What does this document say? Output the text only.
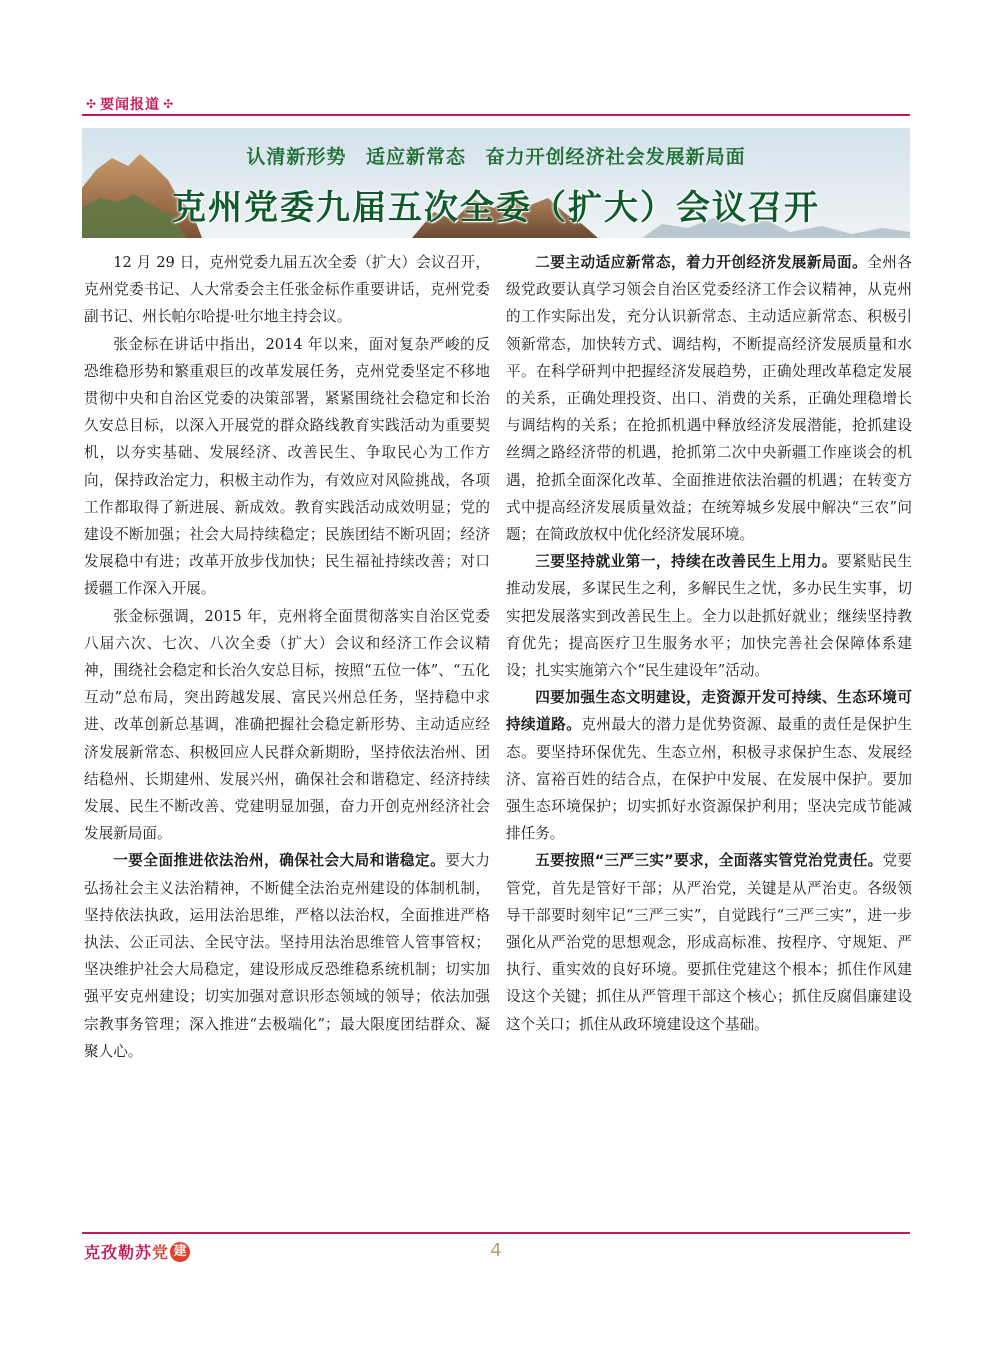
✣ 要闻报道 ✣
认清新形势 适应新常态 奋力开创经济社会发展新局面
克州党委九届五次全委（扩大）会议召开

12 月 29 日，克州党委九届五次全委（扩大）会议召开，克州党委书记、人大常委会主任张金标作重要讲话，克州党委副书记、州长帕尔哈提·吐尔地主持会议。

张金标在讲话中指出，2014 年以来，面对复杂严峻的反恐维稳形势和繁重艰巨的改革发展任务，克州党委坚定不移地贯彻中央和自治区党委的决策部署，紧紧围绕社会稳定和长治久安总目标，以深入开展党的群众路线教育实践活动为重要契机，以夯实基础、发展经济、改善民生、争取民心为工作方向，保持政治定力，积极主动作为，有效应对风险挑战，各项工作都取得了新进展、新成效。教育实践活动成效明显；党的建设不断加强；社会大局持续稳定；民族团结不断巩固；经济发展稳中有进；改革开放步伐加快；民生福祉持续改善；对口援疆工作深入开展。

张金标强调，2015 年，克州将全面贯彻落实自治区党委八届六次、七次、八次全委（扩大）会议和经济工作会议精神，围绕社会稳定和长治久安总目标，按照“五位一体”、“五化互动”总布局，突出跨越发展、富民兴州总任务，坚持稳中求进、改革创新总基调，准确把握社会稳定新形势、主动适应经济发展新常态、积极回应人民群众新期盼，坚持依法治州、团结稳州、长期建州、发展兴州，确保社会和谐稳定、经济持续发展、民生不断改善、党建明显加强，奋力开创克州经济社会发展新局面。

一要全面推进依法治州，确保社会大局和谐稳定。要大力弘扬社会主义法治精神，不断健全法治克州建设的体制机制，坚持依法执政，运用法治思维，严格以法治权，全面推进严格执法、公正司法、全民守法。坚持用法治思维管人管事管权；坚决维护社会大局稳定，建设形成反恐维稳系统机制；切实加强平安克州建设；切实加强对意识形态领域的领导；依法加强宗教事务管理；深入推进“去极端化”；最大限度团结群众、凝聚人心。

二要主动适应新常态，着力开创经济发展新局面。全州各级党政要认真学习领会自治区党委经济工作会议精神，从克州的工作实际出发，充分认识新常态、主动适应新常态、积极引领新常态，加快转方式、调结构，不断提高经济发展质量和水平。在科学研判中把握经济发展趋势，正确处理改革稳定发展的关系，正确处理投资、出口、消费的关系，正确处理稳增长与调结构的关系；在抢抓机遇中释放经济发展潜能，抢抓建设丝绸之路经济带的机遇，抢抓第二次中央新疆工作座谈会的机遇，抢抓全面深化改革、全面推进依法治疆的机遇；在转变方式中提高经济发展质量效益；在统筹城乡发展中解决“三农”问题；在简政放权中优化经济发展环境。

三要坚持就业第一，持续在改善民生上用力。要紧贴民生推动发展，多谋民生之利，多解民生之忧，多办民生实事，切实把发展落实到改善民生上。全力以赴抓好就业；继续坚持教育优先；提高医疗卫生服务水平；加快完善社会保障体系建设；扎实实施第六个“民生建设年”活动。

四要加强生态文明建设，走资源开发可持续、生态环境可持续道路。克州最大的潜力是优势资源、最重的责任是保护生态。要坚持环保优先、生态立州，积极寻求保护生态、发展经济、富裕百姓的结合点，在保护中发展、在发展中保护。要加强生态环境保护；切实抓好水资源保护利用；坚决完成节能减排任务。

五要按照“三严三实”要求，全面落实管党治党责任。党要管党，首先是管好干部；从严治党，关键是从严治吏。各级领导干部要时刻牢记“三严三实”，自觉践行“三严三实”，进一步强化从严治党的思想观念，形成高标准、按程序、守规矩、严执行、重实效的良好环境。要抓住党建这个根本；抓住作风建设这个关键；抓住从严管理干部这个核心；抓住反腐倡廉建设这个关口；抓住从政环境建设这个基础。

克孜勒苏 党 建	4
